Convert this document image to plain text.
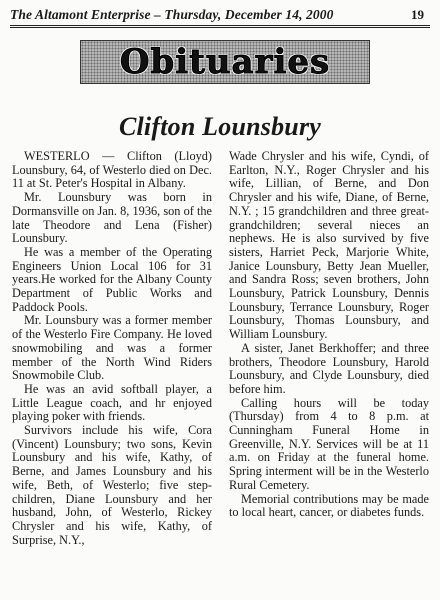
The Altamont Enterprise – Thursday, December 14, 2000	19
Obituaries
Clifton Lounsbury

WESTERLO — Clifton (Lloyd) Lounsbury, 64, of Westerlo died on Dec. 11 at St. Peter's Hospital in Albany.

Mr. Lounsbury was born in Dormansville on Jan. 8, 1936, son of the late Theodore and Lena (Fisher) Lounsbury.

He was a member of the Operating Engineers Union Local 106 for 31 years.He worked for the Albany County Department of Public Works and Paddock Pools.

Mr. Lounsbury was a former member of the Westerlo Fire Company. He loved snowmobiling and was a former member of the North Wind Riders Snowmobile Club.

He was an avid softball player, a Little League coach, and hr enjoyed playing poker with friends.

Survivors include his wife, Cora (Vincent) Lounsbury; two sons, Kevin Lounsbury and his wife, Kathy, of Berne, and James Lounsbury and his wife, Beth, of Westerlo; five step-children, Diane Lounsbury and her husband, John, of Westerlo, Rickey Chrysler and his wife, Kathy, of Surprise, N.Y.,

Wade Chrysler and his wife, Cyndi, of Earlton, N.Y., Roger Chrysler and his wife, Lillian, of Berne, and Don Chrysler and his wife, Diane, of Berne, N.Y. ; 15 grandchildren and three great-grandchildren; several nieces an nephews. He is also survived by five sisters, Harriet Peck, Marjorie White, Janice Lounsbury, Betty Jean Mueller, and Sandra Ross; seven brothers, John Lounsbury, Patrick Lounsbury, Dennis Lounsbury, Terrance Lounsbury, Roger Lounsbury, Thomas Lounsbury, and William Lounsbury.

A sister, Janet Berkhoffer; and three brothers, Theodore Lounsbury, Harold Lounsbury, and Clyde Lounsbury, died before him.

Calling hours will be today (Thursday) from 4 to 8 p.m. at Cunningham Funeral Home in Greenville, N.Y. Services will be at 11 a.m. on Friday at the funeral home. Spring interment will be in the Westerlo Rural Cemetery.

Memorial contributions may be made to local heart, cancer, or diabetes funds.
